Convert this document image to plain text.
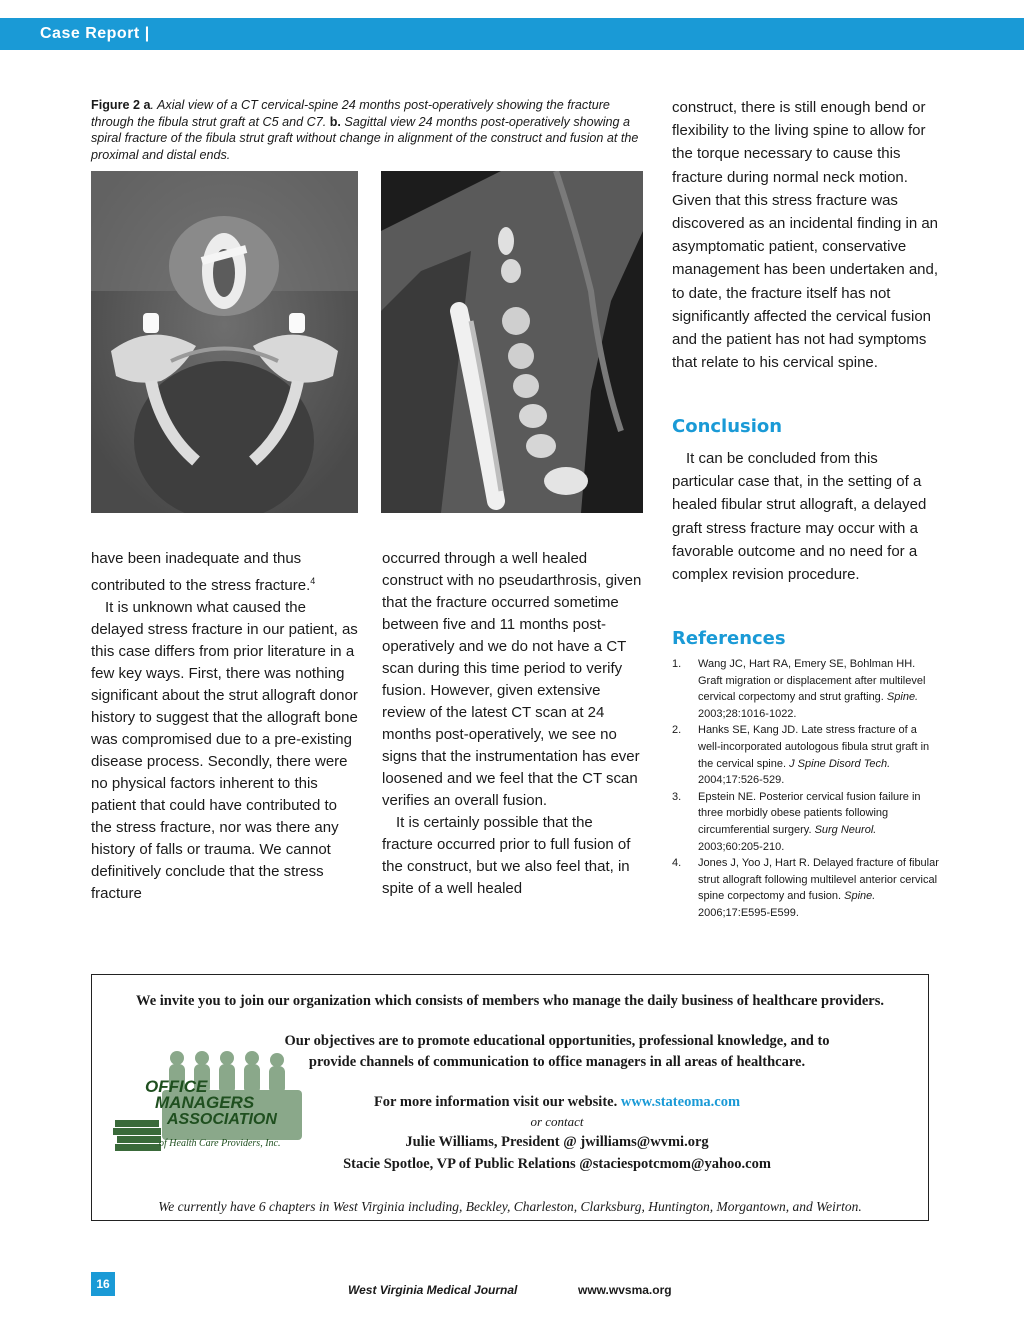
Case Report |
Figure 2 a. Axial view of a CT cervical-spine 24 months post-operatively showing the fracture through the fibula strut graft at C5 and C7. b. Sagittal view 24 months post-operatively showing a spiral fracture of the fibula strut graft without change in alignment of the construct and fusion at the proximal and distal ends.

have been inadequate and thus contributed to the stress fracture.$^4$

It is unknown what caused the delayed stress fracture in our patient, as this case differs from prior literature in a few key ways. First, there was nothing significant about the strut allograft donor history to suggest that the allograft bone was compromised due to a pre-existing disease process. Secondly, there were no physical factors inherent to this patient that could have contributed to the stress fracture, nor was there any history of falls or trauma. We cannot definitively conclude that the stress fracture

occurred through a well healed construct with no pseudarthrosis, given that the fracture occurred sometime between five and 11 months post-operatively and we do not have a CT scan during this time period to verify fusion. However, given extensive review of the latest CT scan at 24 months post-operatively, we see no signs that the instrumentation has ever loosened and we feel that the CT scan verifies an overall fusion.

It is certainly possible that the fracture occurred prior to full fusion of the construct, but we also feel that, in spite of a well healed

construct, there is still enough bend or flexibility to the living spine to allow for the torque necessary to cause this fracture during normal neck motion. Given that this stress fracture was discovered as an incidental finding in an asymptomatic patient, conservative management has been undertaken and, to date, the fracture itself has not significantly affected the cervical fusion and the patient has not had symptoms that relate to his cervical spine.

Conclusion

It can be concluded from this particular case that, in the setting of a healed fibular strut allograft, a delayed graft stress fracture may occur with a favorable outcome and no need for a complex revision procedure.

References
1. Wang JC, Hart RA, Emery SE, Bohlman HH. Graft migration or displacement after multilevel cervical corpectomy and strut grafting. Spine. 2003;28:1016-1022.
2. Hanks SE, Kang JD. Late stress fracture of a well-incorporated autologous fibula strut graft in the cervical spine. J Spine Disord Tech. 2004;17:526-529.
3. Epstein NE. Posterior cervical fusion failure in three morbidly obese patients following circumferential surgery. Surg Neurol. 2003;60:205-210.
4. Jones J, Yoo J, Hart R. Delayed fracture of fibular strut allograft following multilevel anterior cervical spine corpectomy and fusion. Spine. 2006;17:E595-E599.
We invite you to join our organization which consists of members who manage the daily business of healthcare providers.
Our objectives are to promote educational opportunities, professional knowledge, and to
provide channels of communication to office managers in all areas of healthcare.
For more information visit our website. www.stateoma.com
or contact
Julie Williams, President @ jwilliams@wvmi.org
Stacie Spotloe, VP of Public Relations @staciespotcmom@yahoo.com
We currently have 6 chapters in West Virginia including, Beckley, Charleston, Clarksburg, Huntington, Morgantown, and Weirton.
OFFICE
MANAGERS
ASSOCIATION
of Health Care Providers, Inc.
16	West Virginia Medical Journal	www.wvsma.org
